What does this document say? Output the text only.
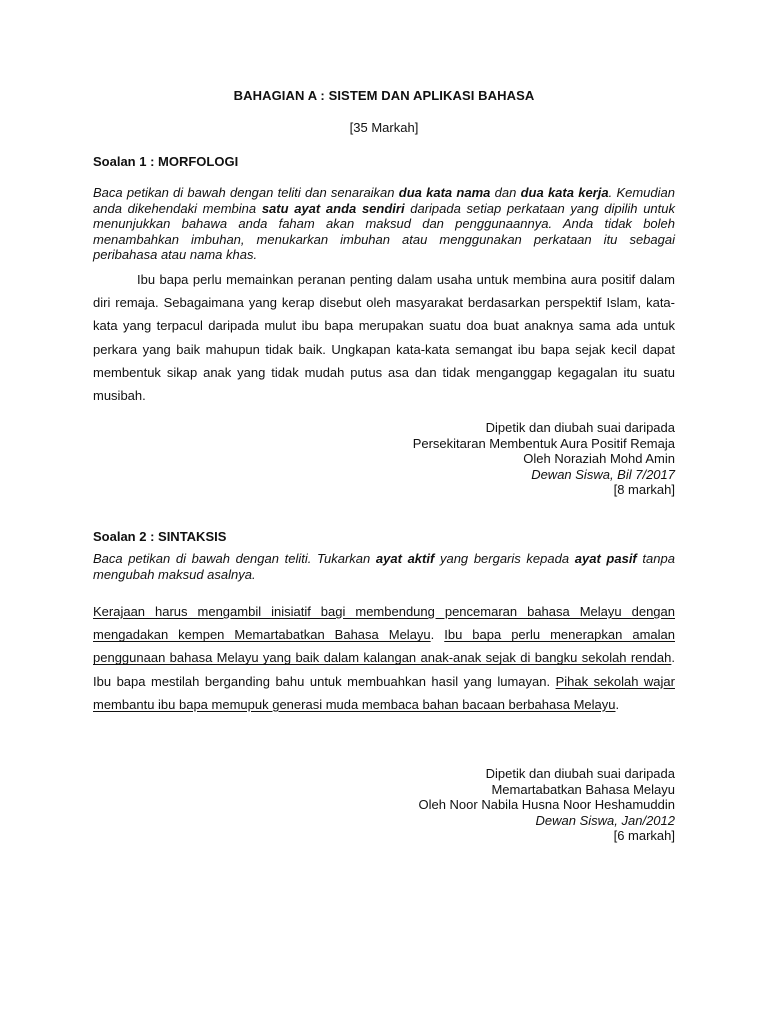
BAHAGIAN A : SISTEM DAN APLIKASI BAHASA
[35 Markah]
Soalan 1 : MORFOLOGI
Baca petikan di bawah dengan teliti dan senaraikan dua kata nama dan dua kata kerja. Kemudian anda dikehendaki membina satu ayat anda sendiri daripada setiap perkataan yang dipilih untuk menunjukkan bahawa anda faham akan maksud dan penggunaannya. Anda tidak boleh menambahkan imbuhan, menukarkan imbuhan atau menggunakan perkataan itu sebagai peribahasa atau nama khas.
Ibu bapa perlu memainkan peranan penting dalam usaha untuk membina aura positif dalam diri remaja. Sebagaimana yang kerap disebut oleh masyarakat berdasarkan perspektif Islam, kata-kata yang terpacul daripada mulut ibu bapa merupakan suatu doa buat anaknya sama ada untuk perkara yang baik mahupun tidak baik. Ungkapan kata-kata semangat ibu bapa sejak kecil dapat membentuk sikap anak yang tidak mudah putus asa dan tidak menganggap kegagalan itu suatu musibah.
Dipetik dan diubah suai daripada
Persekitaran Membentuk Aura Positif Remaja
Oleh Noraziah Mohd Amin
Dewan Siswa, Bil 7/2017
[8 markah]
Soalan 2 : SINTAKSIS
Baca petikan di bawah dengan teliti. Tukarkan ayat aktif yang bergaris kepada ayat pasif tanpa mengubah maksud asalnya.
Kerajaan harus mengambil inisiatif bagi membendung pencemaran bahasa Melayu dengan mengadakan kempen Memartabatkan Bahasa Melayu. Ibu bapa perlu menerapkan amalan penggunaan bahasa Melayu yang baik dalam kalangan anak-anak sejak di bangku sekolah rendah. Ibu bapa mestilah berganding bahu untuk membuahkan hasil yang lumayan. Pihak sekolah wajar membantu ibu bapa memupuk generasi muda membaca bahan bacaan berbahasa Melayu.
Dipetik dan diubah suai daripada
Memartabatkan Bahasa Melayu
Oleh Noor Nabila Husna Noor Heshamuddin
Dewan Siswa, Jan/2012
[6 markah]
